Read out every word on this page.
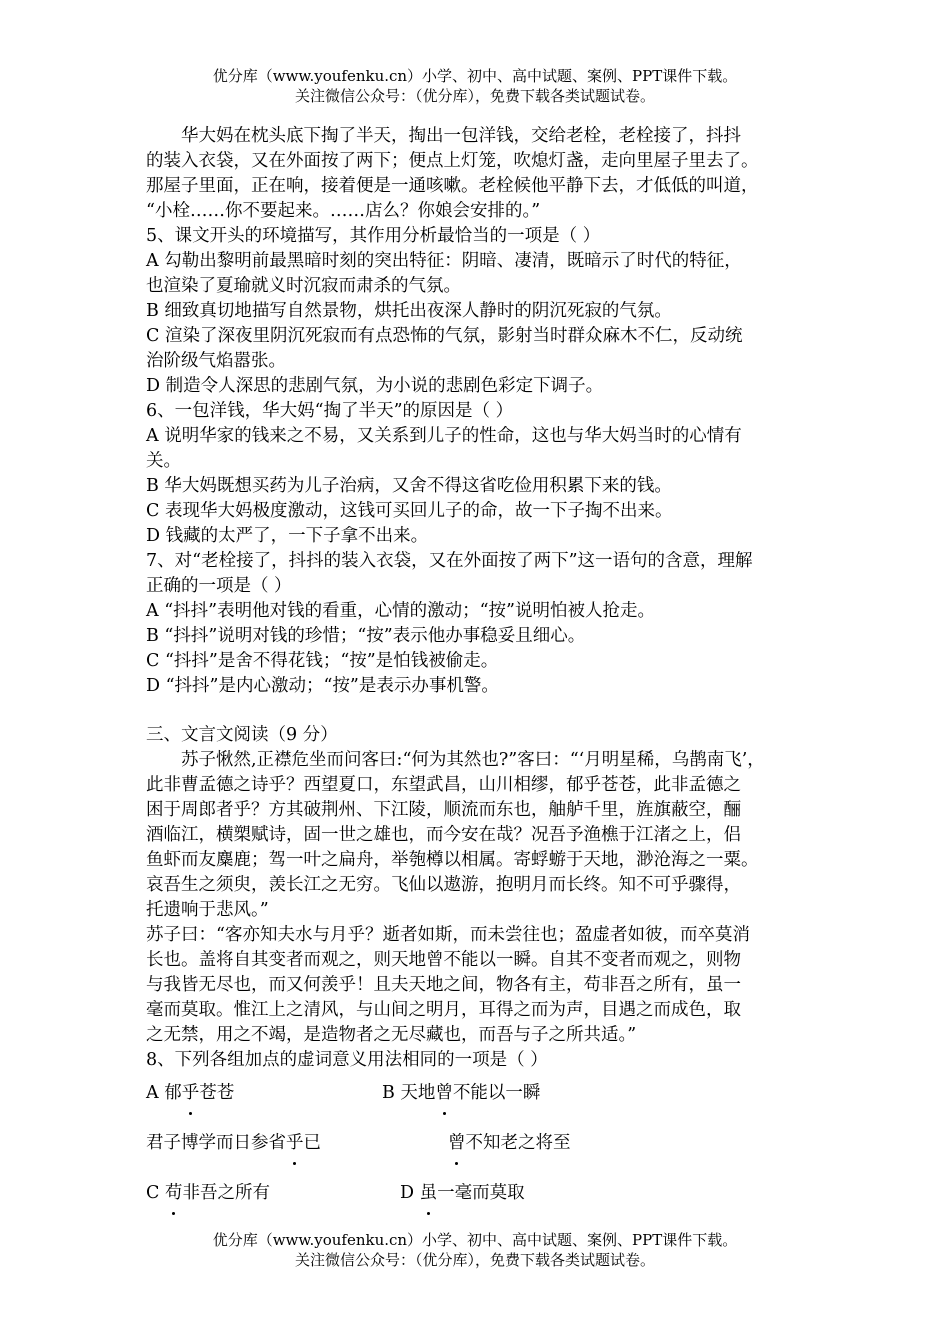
优分库（www.youfenku.cn）小学、初中、高中试题、案例、PPT课件下载。
关注微信公众号：（优分库），免费下载各类试题试卷。

华大妈在枕头底下掏了半天，掏出一包洋钱，交给老栓，老栓接了，抖抖

的装入衣袋，又在外面按了两下；便点上灯笼，吹熄灯盏，走向里屋子里去了。

那屋子里面，正在响，接着便是一通咳嗽。老栓候他平静下去，才低低的叫道，

“小栓……你不要起来。……店么？你娘会安排的。”

5、课文开头的环境描写，其作用分析最恰当的一项是（ ）

A 勾勒出黎明前最黑暗时刻的突出特征：阴暗、凄清，既暗示了时代的特征，

也渲染了夏瑜就义时沉寂而肃杀的气氛。

B 细致真切地描写自然景物，烘托出夜深人静时的阴沉死寂的气氛。

C 渲染了深夜里阴沉死寂而有点恐怖的气氛，影射当时群众麻木不仁，反动统

治阶级气焰嚣张。

D 制造令人深思的悲剧气氛，为小说的悲剧色彩定下调子。

6、一包洋钱，华大妈“掏了半天”的原因是（ ）

A 说明华家的钱来之不易，又关系到儿子的性命，这也与华大妈当时的心情有

关。

B 华大妈既想买药为儿子治病，又舍不得这省吃俭用积累下来的钱。

C 表现华大妈极度激动，这钱可买回儿子的命，故一下子掏不出来。

D 钱藏的太严了，一下子拿不出来。

7、对“老栓接了，抖抖的装入衣袋，又在外面按了两下”这一语句的含意，理解

正确的一项是（ ）

A “抖抖”表明他对钱的看重，心情的激动；“按”说明怕被人抢走。

B “抖抖”说明对钱的珍惜；“按”表示他办事稳妥且细心。

C “抖抖”是舍不得花钱；“按”是怕钱被偷走。

D “抖抖”是内心激动；“按”是表示办事机警。

三、文言文阅读（9 分）

苏子愀然,正襟危坐而问客曰:“何为其然也?”客曰：“‘月明星稀，乌鹊南飞’，

此非曹孟德之诗乎？西望夏口，东望武昌，山川相缪，郁乎苍苍，此非孟德之

困于周郎者乎？方其破荆州、下江陵，顺流而东也，舳舻千里，旌旗蔽空，酾

酒临江，横槊赋诗，固一世之雄也，而今安在哉？况吾予渔樵于江渚之上，侣

鱼虾而友麋鹿；驾一叶之扁舟，举匏樽以相属。寄蜉蝣于天地，渺沧海之一粟。

哀吾生之须臾，羡长江之无穷。飞仙以遨游，抱明月而长终。知不可乎骤得，

托遗响于悲风。”

苏子曰：“客亦知夫水与月乎？逝者如斯，而未尝往也；盈虚者如彼，而卒莫消

长也。盖将自其变者而观之，则天地曾不能以一瞬。自其不变者而观之，则物

与我皆无尽也，而又何羡乎！且夫天地之间，物各有主，苟非吾之所有，虽一

毫而莫取。惟江上之清风，与山间之明月，耳得之而为声，目遇之而成色，取

之无禁，用之不竭，是造物者之无尽藏也，而吾与子之所共适。”

8、下列各组加点的虚词意义用法相同的一项是（ ）

A 郁乎苍苍	B 天地曾不能以一瞬
君子博学而日参省乎已	曾不知老之将至
C 苟非吾之所有	D 虽一毫而莫取
优分库（www.youfenku.cn）小学、初中、高中试题、案例、PPT课件下载。
关注微信公众号：（优分库），免费下载各类试题试卷。
